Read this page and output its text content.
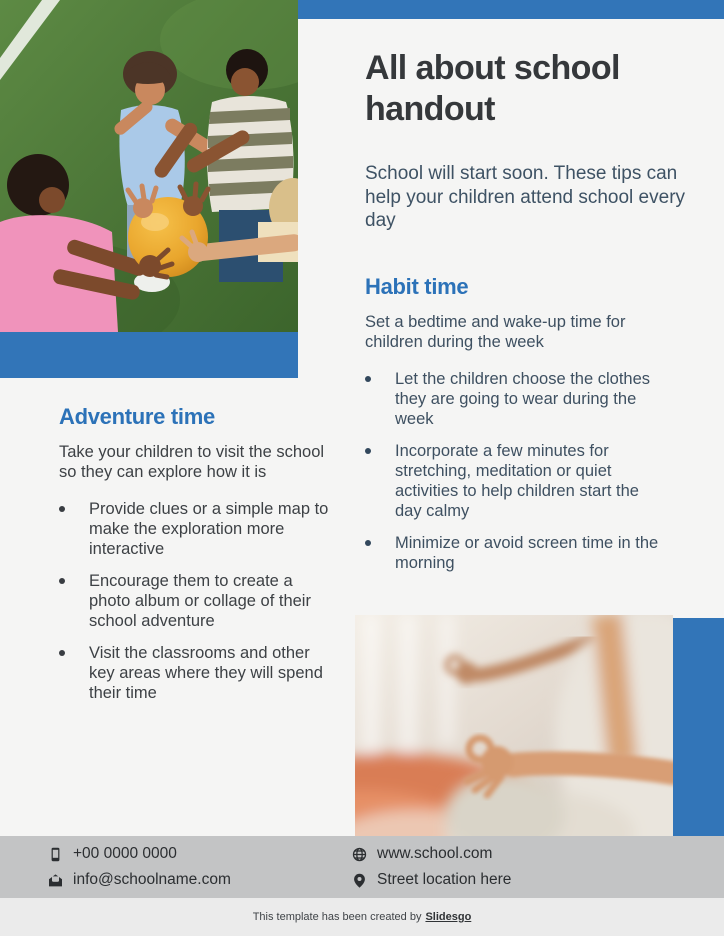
All about school handout

School will start soon. These tips can help your children attend school every day

Habit time

Set a bedtime and wake-up time for children during the week

Let the children choose the clothes they are going to wear during the week
Incorporate a few minutes for stretching, meditation or quiet activities to help children start the day calmy
Minimize or avoid screen time in the morning
Adventure time

Take your children to visit the school so they can explore how it is

Provide clues or a simple map to make the exploration more interactive
Encourage them to create a photo album or collage of their school adventure
Visit the classrooms and other key areas where they will spend their time
+00 0000 0000
info@schoolname.com
www.school.com
Street location here
This template has been created by Slidesgo
